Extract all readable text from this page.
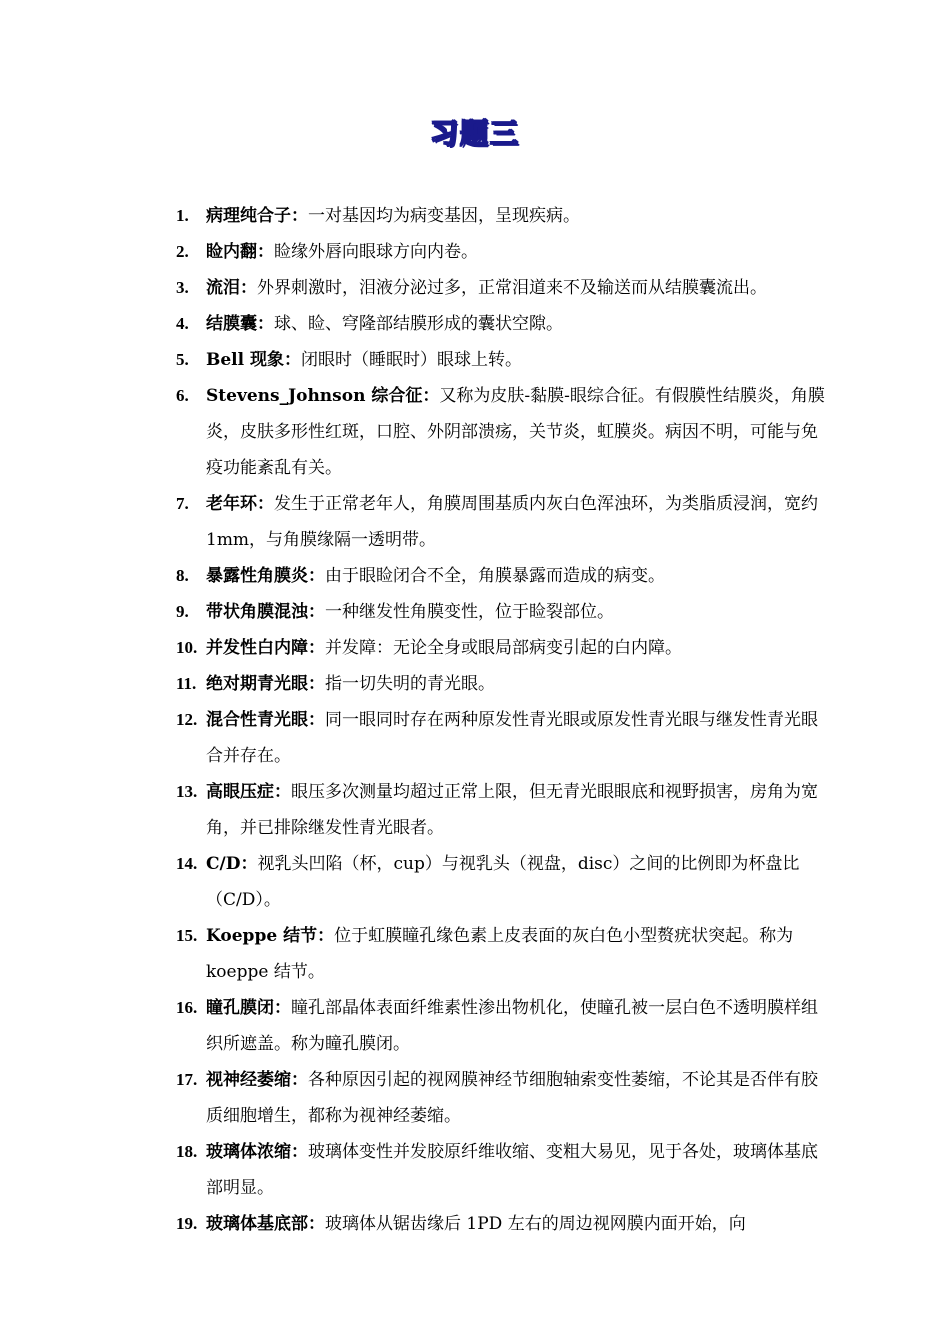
习题三
1.	病理纯合子：一对基因均为病变基因，呈现疾病。
2.	睑内翻：睑缘外唇向眼球方向内卷。
3.	流泪：外界刺激时，泪液分泌过多，正常泪道来不及输送而从结膜囊流出。
4.	结膜囊：球、睑、穹隆部结膜形成的囊状空隙。
5.	Bell 现象：闭眼时（睡眠时）眼球上转。
6.	Stevens_Johnson 综合征：又称为皮肤-黏膜-眼综合征。有假膜性结膜炎，角膜炎，皮肤多形性红斑，口腔、外阴部溃疡，关节炎，虹膜炎。病因不明，可能与免疫功能紊乱有关。
7.	老年环：发生于正常老年人，角膜周围基质内灰白色浑浊环，为类脂质浸润，宽约 1mm，与角膜缘隔一透明带。
8.	暴露性角膜炎：由于眼睑闭合不全，角膜暴露而造成的病变。
9.	带状角膜混浊：一种继发性角膜变性，位于睑裂部位。
10. 并发性白内障：并发障：无论全身或眼局部病变引起的白内障。
11. 绝对期青光眼：指一切失明的青光眼。
12. 混合性青光眼：同一眼同时存在两种原发性青光眼或原发性青光眼与继发性青光眼合并存在。
13. 高眼压症：眼压多次测量均超过正常上限，但无青光眼眼底和视野损害，房角为宽角，并已排除继发性青光眼者。
14. C/D：视乳头凹陷（杯，cup）与视乳头（视盘，disc）之间的比例即为杯盘比（C/D）。
15. Koeppe 结节：位于虹膜瞳孔缘色素上皮表面的灰白色小型赘疣状突起。称为 koeppe 结节。
16. 瞳孔膜闭：瞳孔部晶体表面纤维素性渗出物机化，使瞳孔被一层白色不透明膜样组织所遮盖。称为瞳孔膜闭。
17. 视神经萎缩：各种原因引起的视网膜神经节细胞轴索变性萎缩，不论其是否伴有胶质细胞增生，都称为视神经萎缩。
18. 玻璃体浓缩：玻璃体变性并发胶原纤维收缩、变粗大易见，见于各处，玻璃体基底部明显。
19. 玻璃体基底部：玻璃体从锯齿缘后 1PD 左右的周边视网膜内面开始，向
